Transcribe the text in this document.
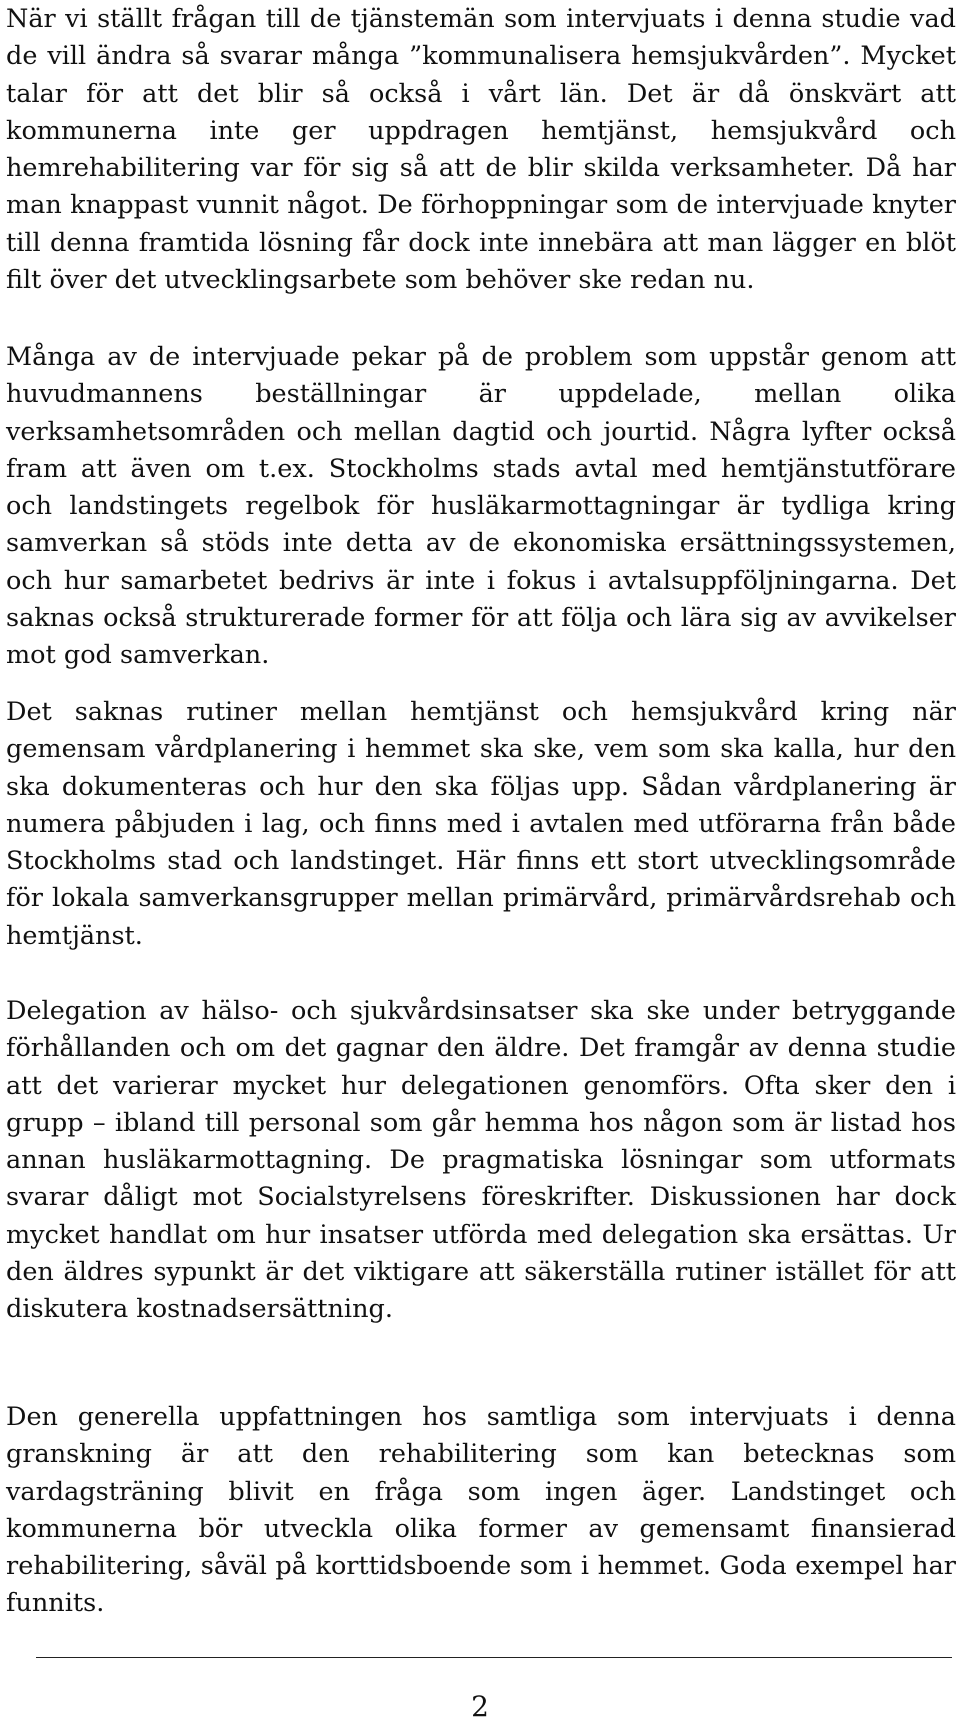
När vi ställt frågan till de tjänstemän som intervjuats i denna studie vad de vill ändra så svarar många ”kommunalisera hemsjukvården”. Mycket talar för att det blir så också i vårt län. Det är då önskvärt att kommunerna inte ger uppdragen hemtjänst, hemsjukvård och hemrehabilitering var för sig så att de blir skilda verksamheter. Då har man knappast vunnit något. De förhoppningar som de intervjuade knyter till denna framtida lösning får dock inte innebära att man lägger en blöt filt över det utvecklingsarbete som behöver ske redan nu.

Många av de intervjuade pekar på de problem som uppstår genom att huvudmannens beställningar är uppdelade, mellan olika verksamhetsområden och mellan dagtid och jourtid. Några lyfter också fram att även om t.ex. Stockholms stads avtal med hemtjänstutförare och landstingets regelbok för husläkarmottagningar är tydliga kring samverkan så stöds inte detta av de ekonomiska ersättningssystemen, och hur samarbetet bedrivs är inte i fokus i avtalsuppföljningarna. Det saknas också strukturerade former för att följa och lära sig av avvikelser mot god samverkan.

Det saknas rutiner mellan hemtjänst och hemsjukvård kring när gemensam vårdplanering i hemmet ska ske, vem som ska kalla, hur den ska dokumenteras och hur den ska följas upp. Sådan vårdplanering är numera påbjuden i lag, och finns med i avtalen med utförarna från både Stockholms stad och landstinget. Här finns ett stort utvecklingsområde för lokala samverkansgrupper mellan primärvård, primärvårdsrehab och hemtjänst.

Delegation av hälso- och sjukvårdsinsatser ska ske under betryggande förhållanden och om det gagnar den äldre. Det framgår av denna studie att det varierar mycket hur delegationen genomförs. Ofta sker den i grupp – ibland till personal som går hemma hos någon som är listad hos annan husläkarmottagning. De pragmatiska lösningar som utformats svarar dåligt mot Socialstyrelsens föreskrifter. Diskussionen har dock mycket handlat om hur insatser utförda med delegation ska ersättas. Ur den äldres sypunkt är det viktigare att säkerställa rutiner istället för att diskutera kostnadsersättning.

Den generella uppfattningen hos samtliga som intervjuats i denna granskning är att den rehabilitering som kan betecknas som vardagsträning blivit en fråga som ingen äger. Landstinget och kommunerna bör utveckla olika former av gemensamt finansierad rehabilitering, såväl på korttidsboende som i hemmet. Goda exempel har funnits.

2
